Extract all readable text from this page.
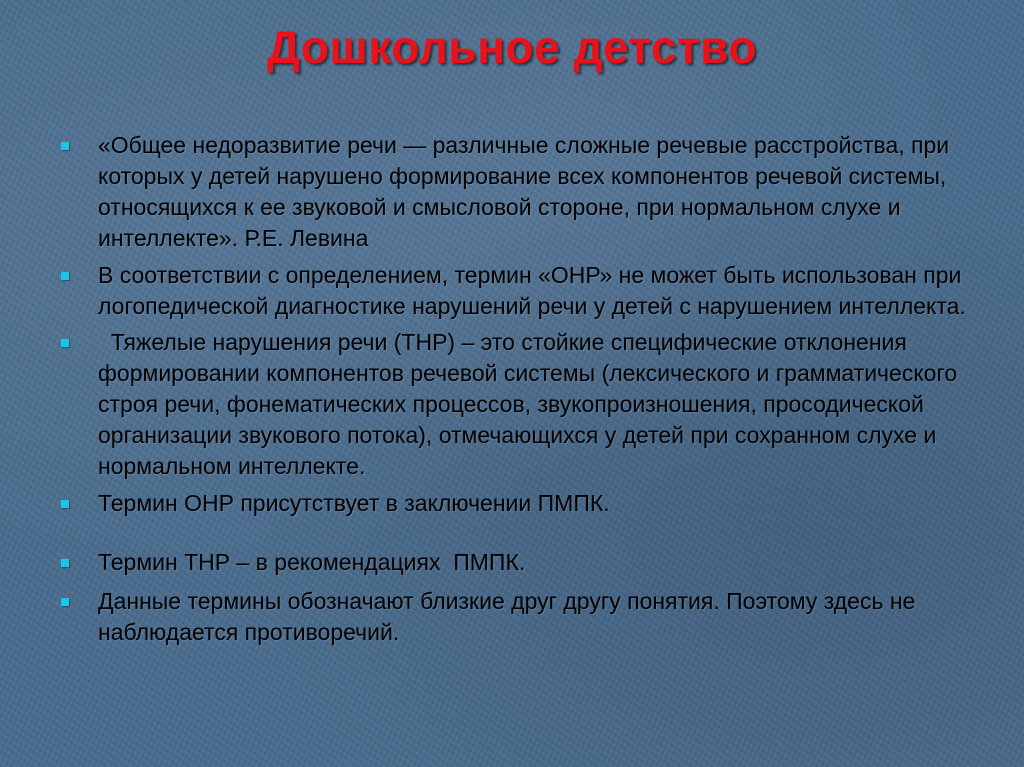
Дошкольное детство
«Общее недоразвитие речи — различные сложные речевые расстройства, при которых у детей нарушено формирование всех компонентов речевой системы, относящихся к ее звуковой и смысловой стороне, при нормальном слухе и интеллекте». Р.Е. Левина
В соответствии с определением, термин «ОНР» не может быть использован при логопедической диагностике нарушений речи у детей с нарушением интеллекта.
Тяжелые нарушения речи (ТНР) – это стойкие специфические отклонения формировании компонентов речевой системы (лексического и грамматического строя речи, фонематических процессов, звукопроизношения, просодической организации звукового потока), отмечающихся у детей при сохранном слухе и нормальном интеллекте.
Термин ОНР присутствует в заключении ПМПК.
Термин ТНР – в рекомендациях  ПМПК.
Данные термины обозначают близкие друг другу понятия. Поэтому здесь не наблюдается противоречий.
